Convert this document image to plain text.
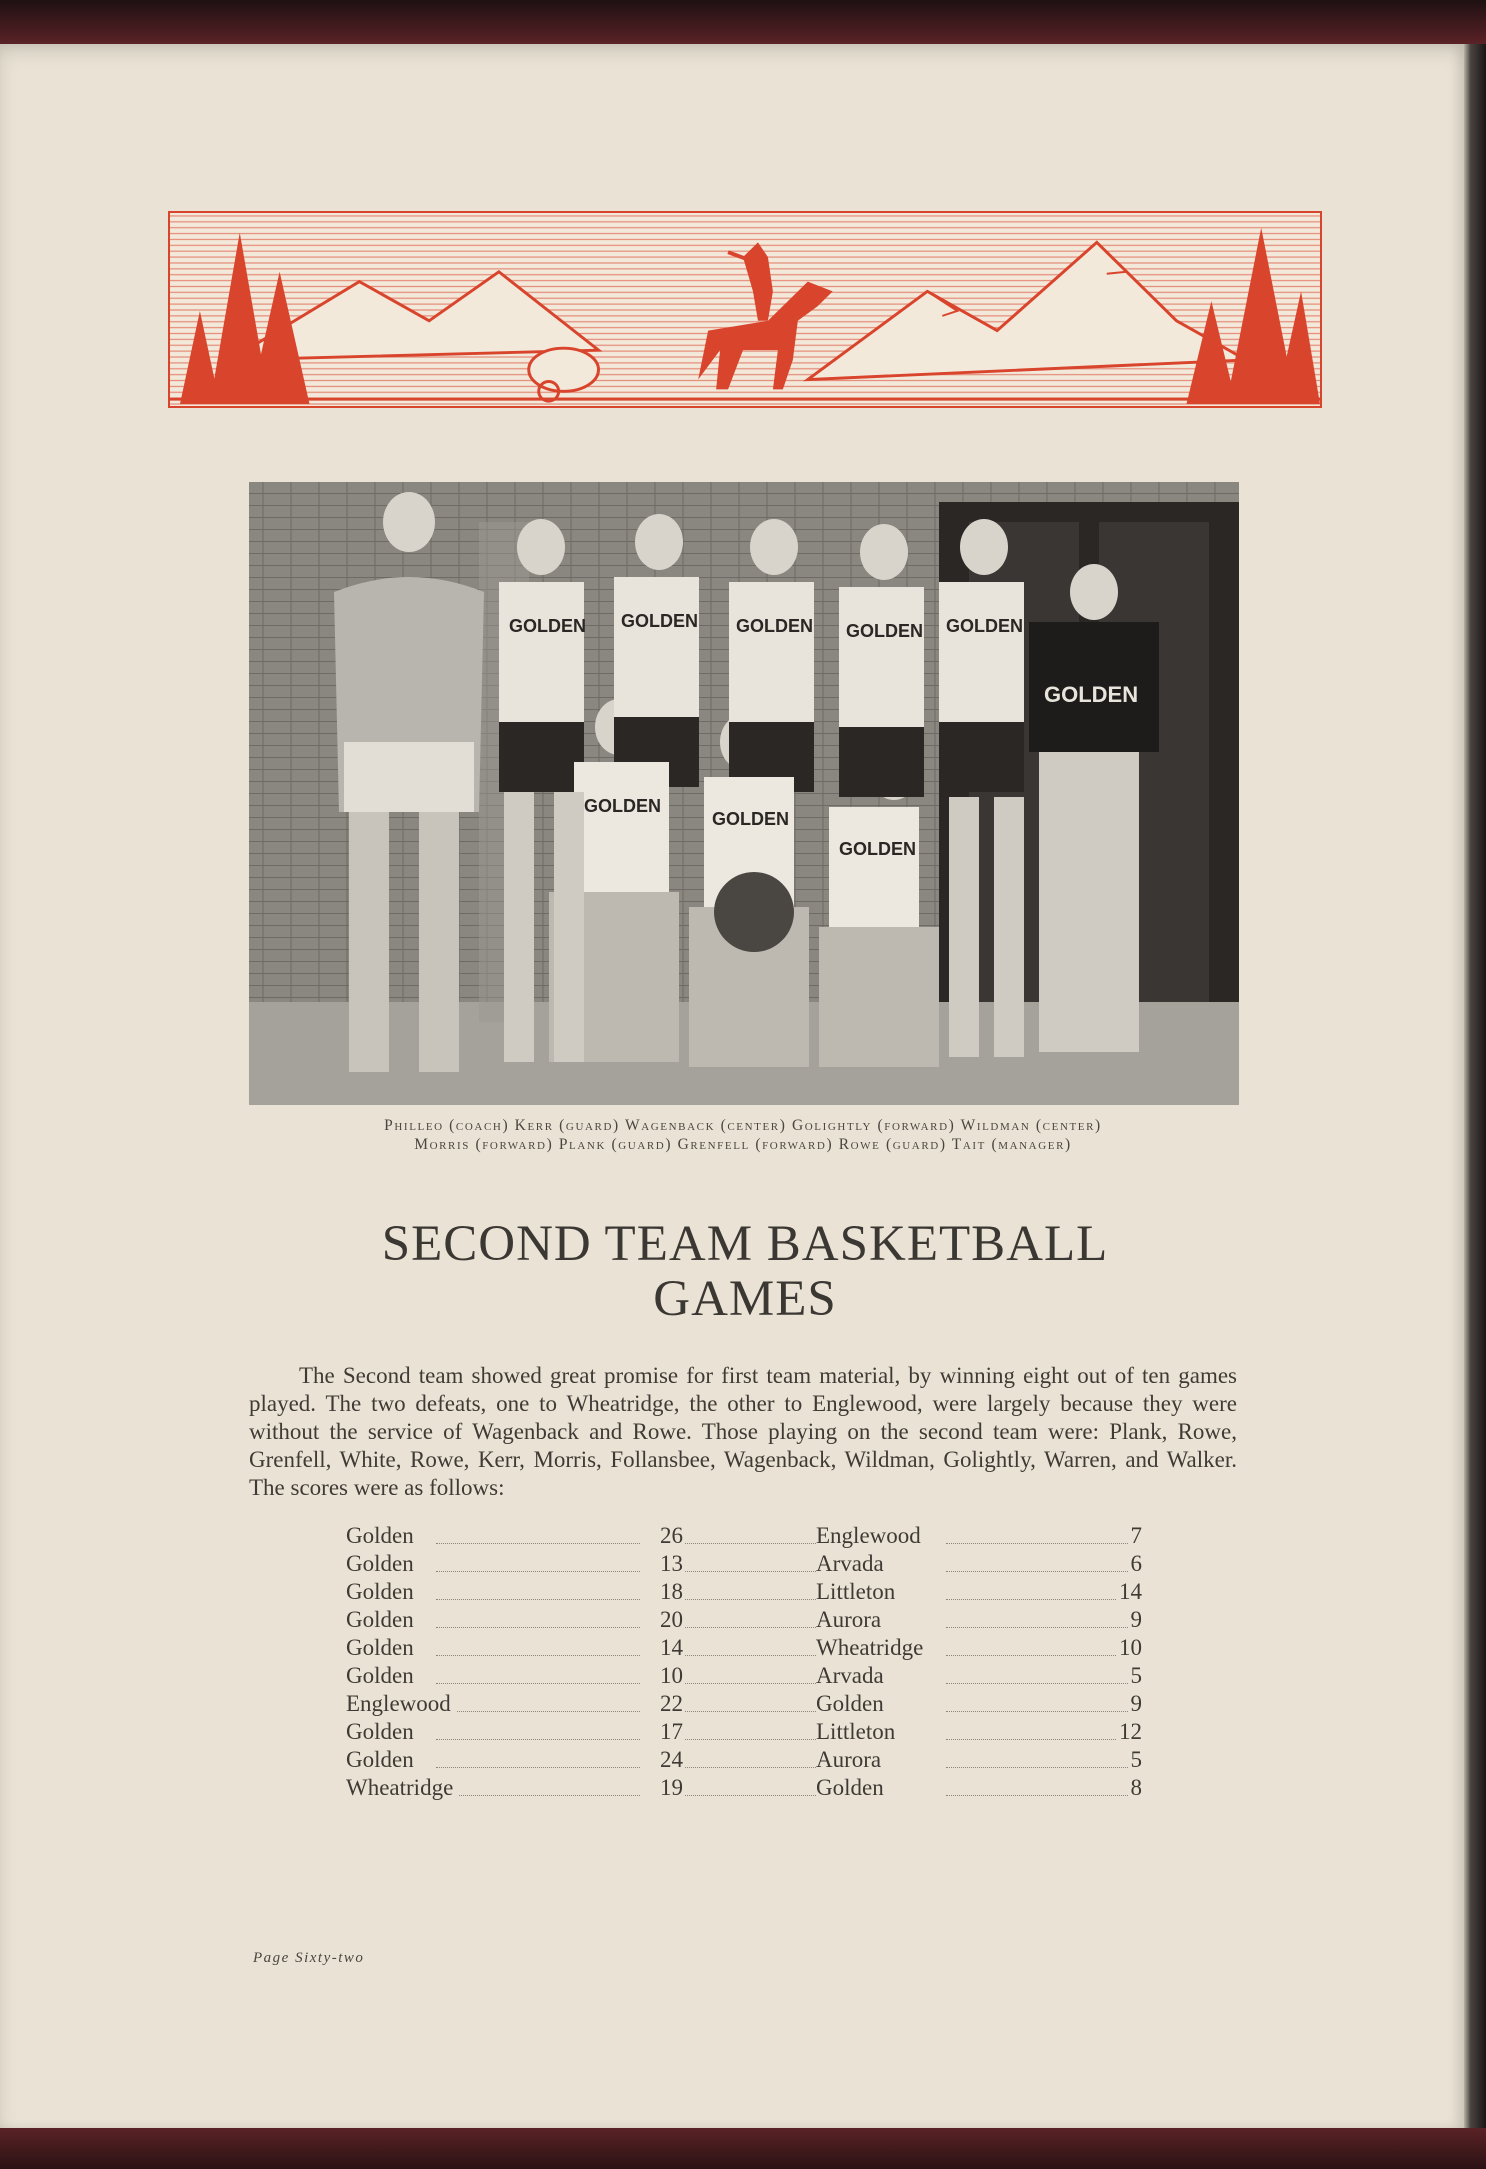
GOLDEN GOLDEN GOLDEN GOLDEN GOLDEN
GOLDEN
GOLDEN
GOLDEN
GOLDEN
Philleo (coach) Kerr (guard) Wagenback (center) Golightly (forward) Wildman (center)
Morris (forward) Plank (guard) Grenfell (forward) Rowe (guard) Tait (manager)
SECOND TEAM BASKETBALL
GAMES
The Second team showed great promise for first team material, by winning eight out of ten games played. The two defeats, one to Wheatridge, the other to Englewood, were largely because they were without the service of Wagenback and Rowe. Those playing on the second team were: Plank, Rowe, Grenfell, White, Rowe, Kerr, Morris, Follansbee, Wagenback, Wildman, Golightly, Warren, and Walker. The scores were as follows:
Golden	26	Englewood	7
Golden	13	Arvada	6
Golden	18	Littleton	14
Golden	20	Aurora	9
Golden	14	Wheatridge	10
Golden	10	Arvada	5
Englewood	22	Golden	9
Golden	17	Littleton	12
Golden	24	Aurora	5
Wheatridge	19	Golden	8
Page Sixty-two
